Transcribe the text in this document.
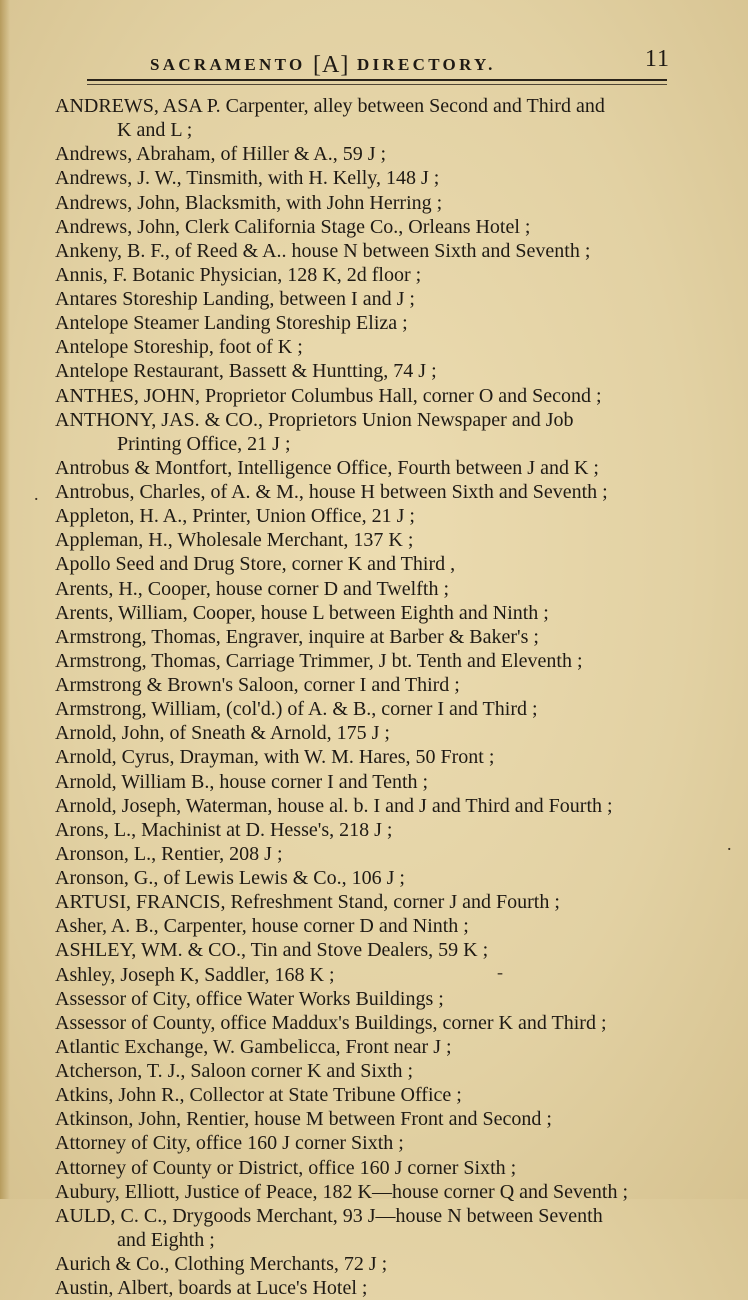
SACRAMENTO [A] DIRECTORY.	11
ANDREWS, ASA P. Carpenter, alley between Second and Third and
K and L ;
Andrews, Abraham, of Hiller & A., 59 J ;
Andrews, J. W., Tinsmith, with H. Kelly, 148 J ;
Andrews, John, Blacksmith, with John Herring ;
Andrews, John, Clerk California Stage Co., Orleans Hotel ;
Ankeny, B. F., of Reed & A.. house N between Sixth and Seventh ;
Annis, F. Botanic Physician, 128 K, 2d floor ;
Antares Storeship Landing, between I and J ;
Antelope Steamer Landing Storeship Eliza ;
Antelope Storeship, foot of K ;
Antelope Restaurant, Bassett & Huntting, 74 J ;
ANTHES, JOHN, Proprietor Columbus Hall, corner O and Second ;
ANTHONY, JAS. & CO., Proprietors Union Newspaper and Job
Printing Office, 21 J ;
Antrobus & Montfort, Intelligence Office, Fourth between J and K ;
Antrobus, Charles, of A. & M., house H between Sixth and Seventh ;
Appleton, H. A., Printer, Union Office, 21 J ;
Appleman, H., Wholesale Merchant, 137 K ;
Apollo Seed and Drug Store, corner K and Third ,
Arents, H., Cooper, house corner D and Twelfth ;
Arents, William, Cooper, house L between Eighth and Ninth ;
Armstrong, Thomas, Engraver, inquire at Barber & Baker's ;
Armstrong, Thomas, Carriage Trimmer, J bt. Tenth and Eleventh ;
Armstrong & Brown's Saloon, corner I and Third ;
Armstrong, William, (col'd.) of A. & B., corner I and Third ;
Arnold, John, of Sneath & Arnold, 175 J ;
Arnold, Cyrus, Drayman, with W. M. Hares, 50 Front ;
Arnold, William B., house corner I and Tenth ;
Arnold, Joseph, Waterman, house al. b. I and J and Third and Fourth ;
Arons, L., Machinist at D. Hesse's, 218 J ;
Aronson, L., Rentier, 208 J ;
Aronson, G., of Lewis Lewis & Co., 106 J ;
ARTUSI, FRANCIS, Refreshment Stand, corner J and Fourth ;
Asher, A. B., Carpenter, house corner D and Ninth ;
ASHLEY, WM. & CO., Tin and Stove Dealers, 59 K ;
Ashley, Joseph K, Saddler, 168 K ;
Assessor of City, office Water Works Buildings ;
Assessor of County, office Maddux's Buildings, corner K and Third ;
Atlantic Exchange, W. Gambelicca, Front near J ;
Atcherson, T. J., Saloon corner K and Sixth ;
Atkins, John R., Collector at State Tribune Office ;
Atkinson, John, Rentier, house M between Front and Second ;
Attorney of City, office 160 J corner Sixth ;
Attorney of County or District, office 160 J corner Sixth ;
Aubury, Elliott, Justice of Peace, 182 K—house corner Q and Seventh ;
AULD, C. C., Drygoods Merchant, 93 J—house N between Seventh
and Eighth ;
Aurich & Co., Clothing Merchants, 72 J ;
Austin, Albert, boards at Luce's Hotel ;
.
.
-
